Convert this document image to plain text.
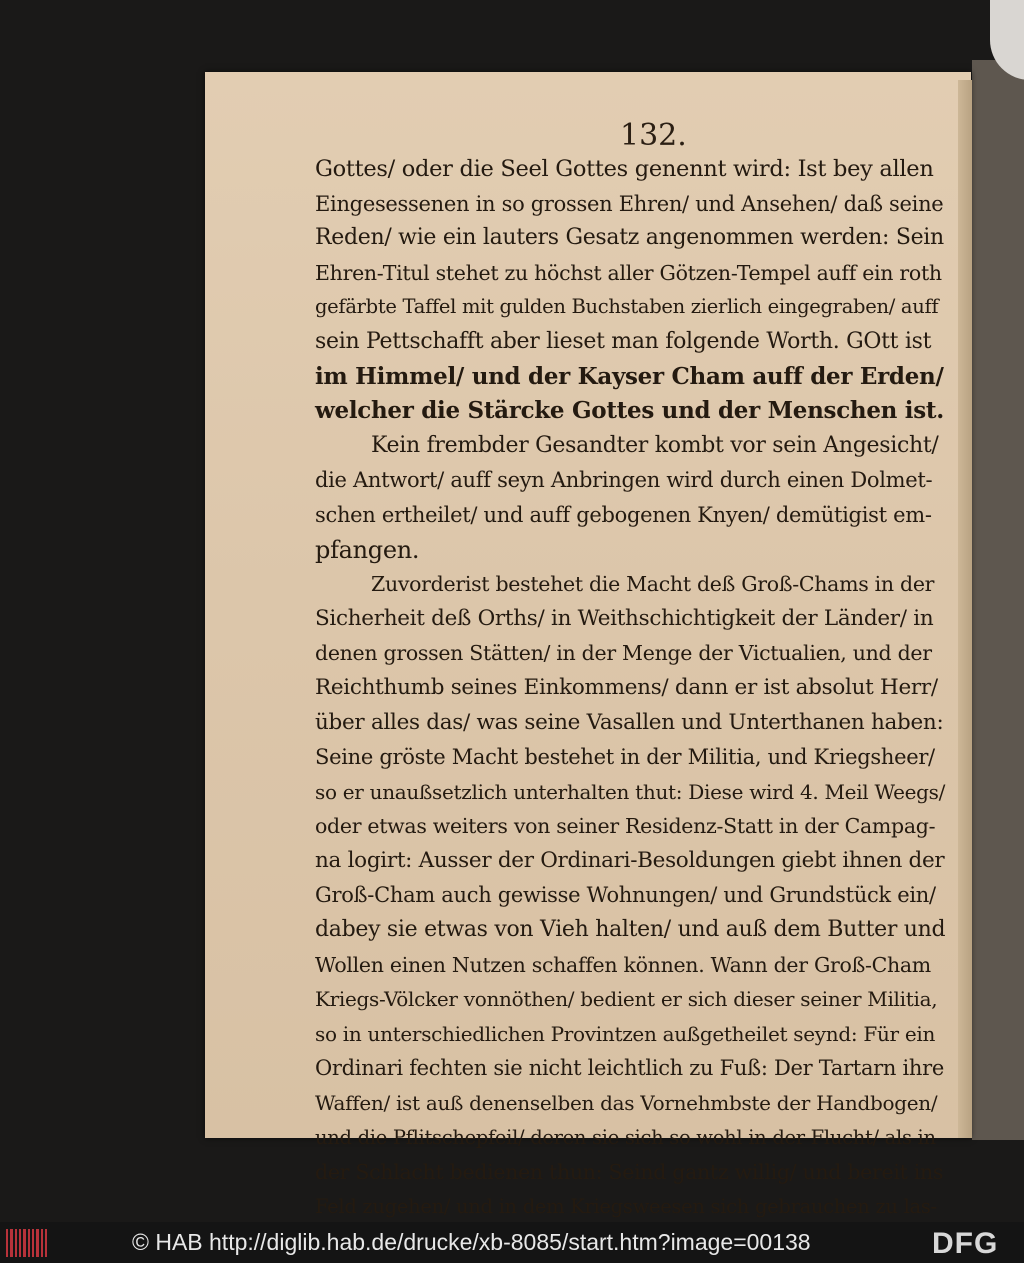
132.
Gottes/ oder die Seel Gottes genennt wird: Ist bey allen
Eingesessenen in so grossen Ehren/ und Ansehen/ daß seine
Reden/ wie ein lauters Gesatz angenommen werden: Sein
Ehren-Titul stehet zu höchst aller Götzen-Tempel auff ein roth
gefärbte Taffel mit gulden Buchstaben zierlich eingegraben/ auff
sein Pettschafft aber lieset man folgende Worth. GOtt ist
im Himmel/ und der Kayser Cham auff der Erden/
welcher die Stärcke Gottes und der Menschen ist.
Kein frembder Gesandter kombt vor sein Angesicht/
die Antwort/ auff seyn Anbringen wird durch einen Dolmet-
schen ertheilet/ und auff gebogenen Knyen/ demütigist em-
pfangen.
Zuvorderist bestehet die Macht deß Groß-Chams in der
Sicherheit deß Orths/ in Weithschichtigkeit der Länder/ in
denen grossen Stätten/ in der Menge der Victualien, und der
Reichthumb seines Einkommens/ dann er ist absolut Herr/
über alles das/ was seine Vasallen und Unterthanen haben:
Seine gröste Macht bestehet in der Militia, und Kriegsheer/
so er unaußsetzlich unterhalten thut: Diese wird 4. Meil Weegs/
oder etwas weiters von seiner Residenz-Statt in der Campag-
na logirt: Ausser der Ordinari-Besoldungen giebt ihnen der
Groß-Cham auch gewisse Wohnungen/ und Grundstück ein/
dabey sie etwas von Vieh halten/ und auß dem Butter und
Wollen einen Nutzen schaffen können. Wann der Groß-Cham
Kriegs-Völcker vonnöthen/ bedient er sich dieser seiner Militia,
so in unterschiedlichen Provintzen außgetheilet seynd: Für ein
Ordinari fechten sie nicht leichtlich zu Fuß: Der Tartarn ihre
Waffen/ ist auß denenselben das Vornehmbste der Handbogen/
und die Pflitschepfeil/ deren sie sich so wohl in der Flucht/ als in
der Schlacht bedienen thun: Seind gantz willig/ und bereit ins
Feld zugehen/ und in dem Kriegsweesen sich gebrauchen zu las-
© HAB http://diglib.hab.de/drucke/xb-8085/start.htm?image=00138	DFG
